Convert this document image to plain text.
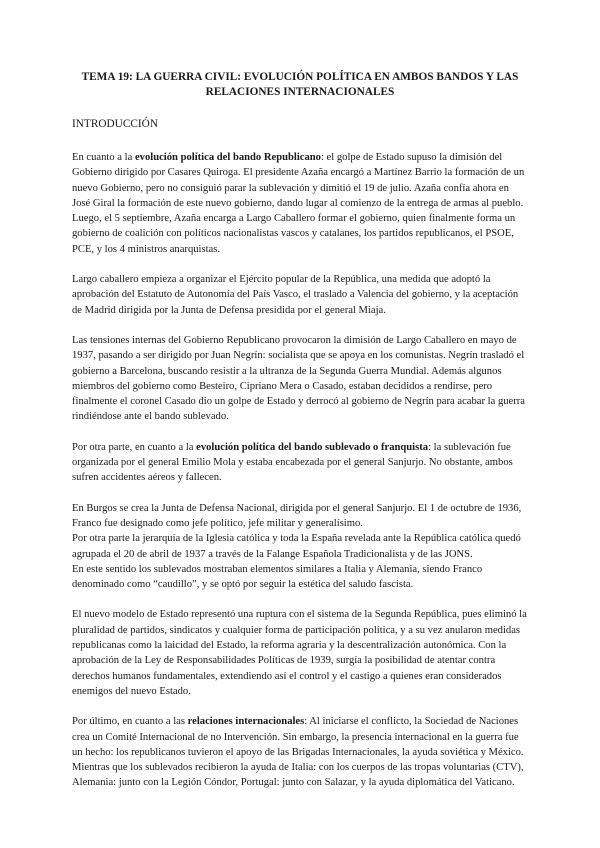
TEMA 19: LA GUERRA CIVIL: EVOLUCIÓN POLÍTICA EN AMBOS BANDOS Y LAS RELACIONES INTERNACIONALES
INTRODUCCIÓN

En cuanto a la evolución política del bando Republicano: el golpe de Estado supuso la dimisión del Gobierno dirigido por Casares Quiroga. El presidente Azaña encargó a Martínez Barrio la formación de un nuevo Gobierno, pero no consiguió parar la sublevación y dimitió el 19 de julio. Azaña confía ahora en José Giral la formación de este nuevo gobierno, dando lugar al comienzo de la entrega de armas al pueblo. Luego, el 5 septiembre, Azaña encarga a Largo Caballero formar el gobierno, quien finalmente forma un gobierno de coalición con políticos nacionalistas vascos y catalanes, los partidos republicanos, el PSOE, PCE, y los 4 ministros anarquistas.

Largo caballero empieza a organizar el Ejército popular de la República, una medida que adoptó la aprobación del Estatuto de Autonomía del País Vasco, el traslado a Valencia del gobierno, y la aceptación de Madrid dirigida por la Junta de Defensa presidida por el general Miaja.

Las tensiones internas del Gobierno Republicano provocaron la dimisión de Largo Caballero en mayo de 1937, pasando a ser dirigido por Juan Negrín: socialista que se apoya en los comunistas. Negrín trasladó el gobierno a Barcelona, buscando resistir a la ultranza de la Segunda Guerra Mundial. Además algunos miembros del gobierno como Besteiro, Cipriano Mera o Casado, estaban decididos a rendirse, pero finalmente el coronel Casado dio un golpe de Estado y derrocó al gobierno de Negrín para acabar la guerra rindiéndose ante el bando sublevado.

Por otra parte, en cuanto a la evolución política del bando sublevado o franquista: la sublevación fue organizada por el general Emilio Mola y estaba encabezada por el general Sanjurjo. No obstante, ambos sufren accidentes aéreos y fallecen.

En Burgos se crea la Junta de Defensa Nacional, dirigida por el general Sanjurjo. El 1 de octubre de 1936, Franco fue designado como jefe político, jefe militar y generalísimo.
Por otra parte la jerarquía de la Iglesia católica y toda la España revelada ante la República católica quedó agrupada el 20 de abril de 1937 a través de la Falange Española Tradicionalista y de las JONS.
En este sentido los sublevados mostraban elementos similares a Italia y Alemania, siendo Franco denominado como “caudillo”, y se optó por seguir la estética del saludo fascista.

El nuevo modelo de Estado representó una ruptura con el sistema de la Segunda República, pues eliminó la pluralidad de partidos, sindicatos y cualquier forma de participación política, y a su vez anularon medidas republicanas como la laicidad del Estado, la reforma agraria y la descentralización autonómica. Con la aprobación de la Ley de Responsabilidades Políticas de 1939, surgía la posibilidad de atentar contra derechos humanos fundamentales, extendiendo así el control y el castigo a quienes eran considerados enemigos del nuevo Estado.

Por último, en cuanto a las relaciones internacionales: Al iniciarse el conflicto, la Sociedad de Naciones crea un Comité Internacional de no Intervención. Sin embargo, la presencia internacional en la guerra fue un hecho: los republicanos tuvieron el apoyo de las Brigadas Internacionales, la ayuda soviética y México. Mientras que los sublevados recibieron la ayuda de Italia: con los cuerpos de las tropas voluntarias (CTV), Alemania: junto con la Legión Cóndor, Portugal: junto con Salazar, y la ayuda diplomática del Vaticano.
